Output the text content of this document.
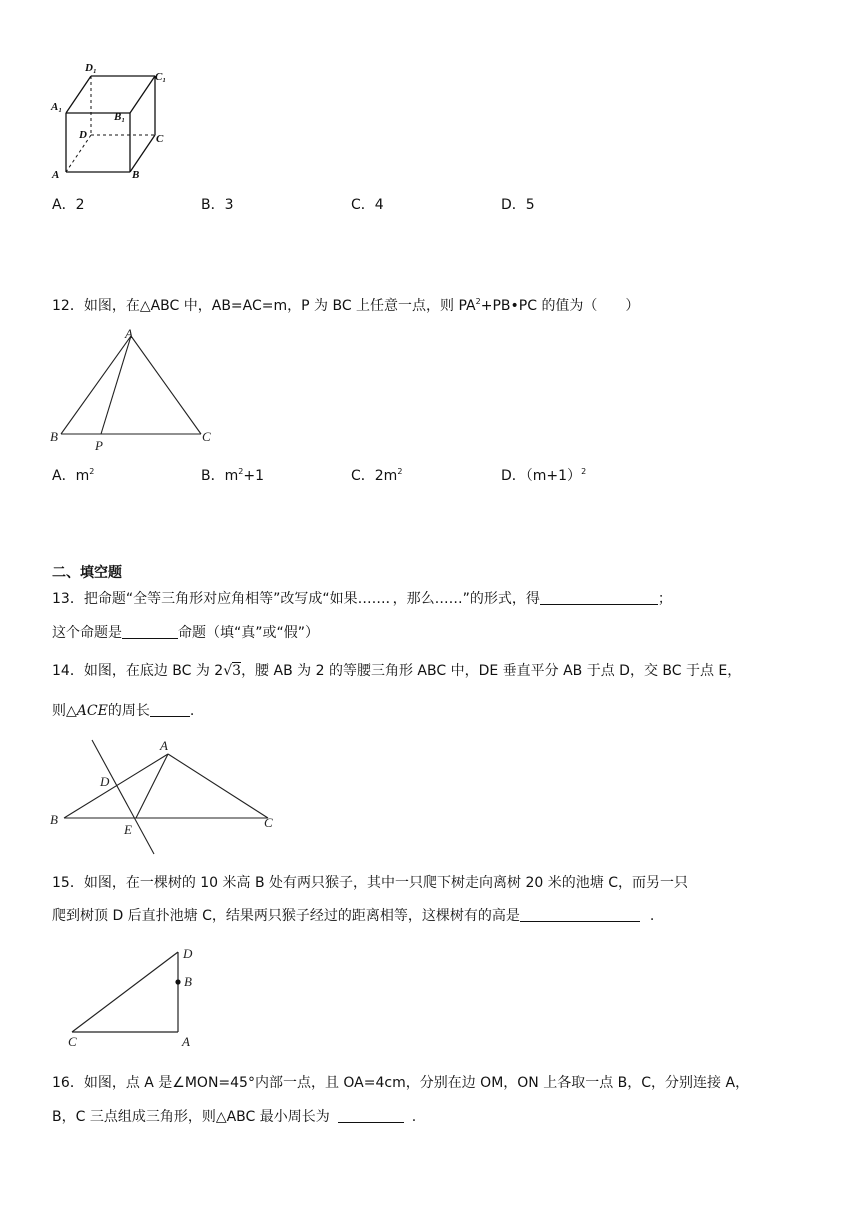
D₁
C₁
A₁
B₁
D	C
A	B
A．2	B．3	C．4	D．5
12．如图，在△ABC 中，AB=AC=m，P 为 BC 上任意一点，则 $PA^2+PB•PC$ 的值为（　　）
A
B
P
C
A．$m^2$	B．$m^2+1$	C．$2m^2$	D．$(m+1)^2$
二、填空题
13．把命题“全等三角形对应角相等”改写成“如果……．，那么……”的形式，得	；
这个命题是	命题（填“真”或“假”）
14．如图，在底边 BC 为 2√3，腰 AB 为 2 的等腰三角形 ABC 中，DE 垂直平分 AB 于点 D，交 BC 于点 E，
则△ACE的周长	.
A
D
B
E	C
15．如图，在一棵树的 10 米高 B 处有两只猴子，其中一只爬下树走向离树 20 米的池塘 C，而另一只
爬到树顶 D 后直扑池塘 C，结果两只猴子经过的距离相等，这棵树有的高是	.
D
B
C	A
16．如图，点 A 是∠MON=45°内部一点，且 OA=4cm，分别在边 OM，ON 上各取一点 B，C，分别连接 A，
B，C 三点组成三角形，则△ABC 最小周长为	.
